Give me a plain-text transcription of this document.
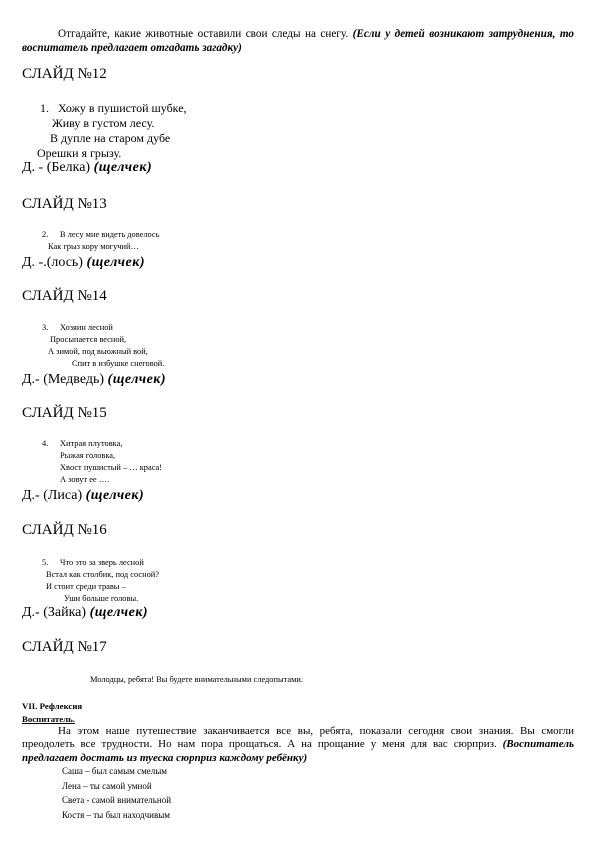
Отгадайте, какие животные оставили свои следы на снегу. (Если у детей возникают затруднения, то воспитатель предлагает отгадать загадку)
СЛАЙД №12
1. Хожу в пушистой шубке,
Живу в густом лесу.
В дупле на старом дубе
Орешки я грызу.
Д. - (Белка) (щелчек)
СЛАЙД №13
2. В лесу мне видеть довелось
Как грыз кору могучий…
Д. -.(лось) (щелчек)
СЛАЙД №14
3. Хозяин лесной
Просыпается весной,
А зимой, под вьюжный вой,
Спит в избушке снеговой.
Д.- (Медведь) (щелчек)
СЛАЙД №15
4. Хитрая плутовка,
Рыжая головка,
Хвост пушистый – … краса!
А зовут ее ….
Д.- (Лиса) (щелчек)
СЛАЙД №16
5. Что это за зверь лесной
Встал как столбик, под сосной?
И стоит среди травы –
Уши больше головы.
Д.- (Зайка) (щелчек)
СЛАЙД №17
Молодцы, ребята! Вы будете внимательными следопытами.
VII. Рефлексия
Воспитатель.
На этом наше путешествие заканчивается все вы, ребята, показали сегодня свои знания. Вы смогли преодолеть все трудности. Но нам пора прощаться. А на прощание у меня для вас сюрприз. (Воспитатель предлагает достать из туеска сюрприз каждому ребёнку)
Саша – был самым смелым
Лена – ты самой умной
Света - самой внимательной
Костя – ты был находчивым
